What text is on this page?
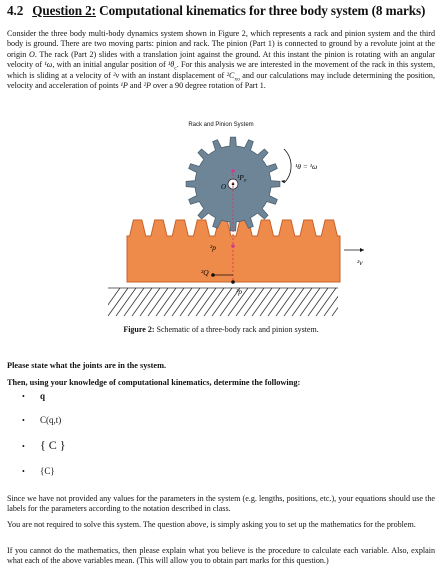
4.2 Question 2: Computational kinematics for three body system (8 marks)
Consider the three body multi-body dynamics system shown in Figure 2, which represents a rack and pinion system and the third body is ground. There are two moving parts: pinion and rack. The pinion (Part 1) is connected to ground by a revolute joint at the origin O. The rack (Part 2) slides with a translation joint against the ground. At this instant the pinion is rotating with an angular velocity of ¹ω, with an initial angular position of $^1\theta_c$. For this analysis we are interested in the movement of the rack in this system, which is sliding at a velocity of ²v with an instant displacement of $^2C_{xo}$ and our calculations may include determining the position, velocity and acceleration of points ¹P and ²P over a 90 degree rotation of Part 1.
Rack and Pinion System
¹θ = ¹ω
$^1P_o$
O
²p
²Q
³p
²v
Figure 2: Schematic of a three-body rack and pinion system.
Please state what the joints are in the system.
Then, using your knowledge of computational kinematics, determine the following:
• q
• C(q,t)
• { C }
• {C}
Since we have not provided any values for the parameters in the system (e.g. lengths, positions, etc.), your equations should use the labels for the parameters according to the notation described in class.
You are not required to solve this system. The question above, is simply asking you to set up the mathematics for the problem.
If you cannot do the mathematics, then please explain what you believe is the procedure to calculate each variable. Also, explain what each of the above variables mean. (This will allow you to obtain part marks for this question.)
